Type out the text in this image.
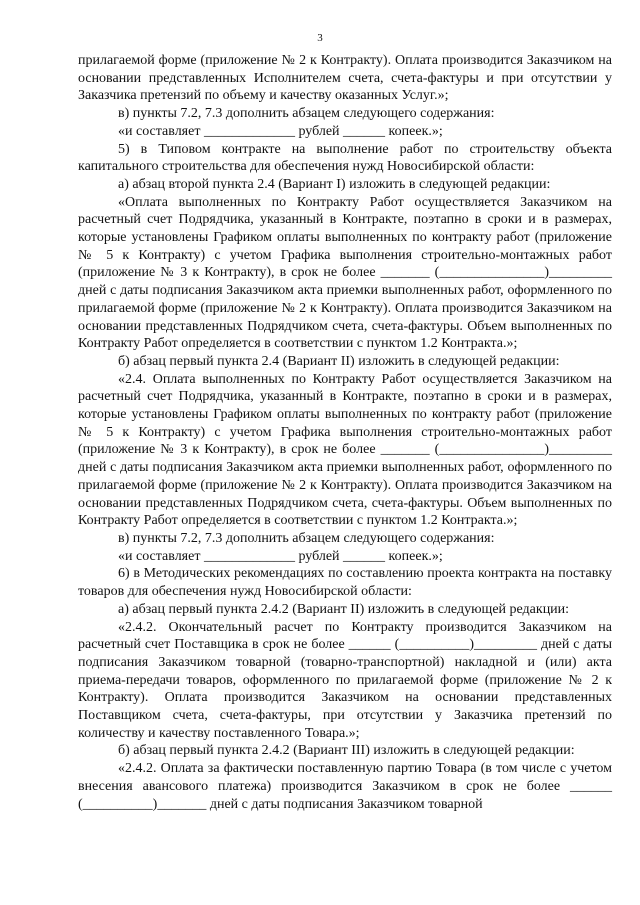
3

прилагаемой форме (приложение № 2 к Контракту). Оплата производится Заказчиком на основании представленных Исполнителем счета, счета-фактуры и при отсутствии у Заказчика претензий по объему и качеству оказанных Услуг.»;

в) пункты 7.2, 7.3 дополнить абзацем следующего содержания:

«и составляет _____________ рублей ______ копеек.»;

5) в Типовом контракте на выполнение работ по строительству объекта капитального строительства для обеспечения нужд Новосибирской области:

а) абзац второй пункта 2.4 (Вариант I) изложить в следующей редакции:

«Оплата выполненных по Контракту Работ осуществляется Заказчиком на расчетный счет Подрядчика, указанный в Контракте, поэтапно в сроки и в размерах, которые установлены Графиком оплаты выполненных по контракту работ (приложение № 5 к Контракту) с учетом Графика выполнения строительно-монтажных работ (приложение № 3 к Контракту), в срок не более _______ (_______________)_________ дней с даты подписания Заказчиком акта приемки выполненных работ, оформленного по прилагаемой форме (приложение № 2 к Контракту). Оплата производится Заказчиком на основании представленных Подрядчиком счета, счета-фактуры. Объем выполненных по Контракту Работ определяется в соответствии с пунктом 1.2 Контракта.»;

б) абзац первый пункта 2.4 (Вариант II) изложить в следующей редакции:

«2.4. Оплата выполненных по Контракту Работ осуществляется Заказчиком на расчетный счет Подрядчика, указанный в Контракте, поэтапно в сроки и в размерах, которые установлены Графиком оплаты выполненных по контракту работ (приложение № 5 к Контракту) с учетом Графика выполнения строительно-монтажных работ (приложение № 3 к Контракту), в срок не более _______ (_______________)_________ дней с даты подписания Заказчиком акта приемки выполненных работ, оформленного по прилагаемой форме (приложение № 2 к Контракту). Оплата производится Заказчиком на основании представленных Подрядчиком счета, счета-фактуры. Объем выполненных по Контракту Работ определяется в соответствии с пунктом 1.2 Контракта.»;

в) пункты 7.2, 7.3 дополнить абзацем следующего содержания:

«и составляет _____________ рублей ______ копеек.»;

6) в Методических рекомендациях по составлению проекта контракта на поставку товаров для обеспечения нужд Новосибирской области:

а) абзац первый пункта 2.4.2 (Вариант II) изложить в следующей редакции:

«2.4.2. Окончательный расчет по Контракту производится Заказчиком на расчетный счет Поставщика в срок не более ______ (__________)_________ дней с даты подписания Заказчиком товарной (товарно-транспортной) накладной и (или) акта приема-передачи товаров, оформленного по прилагаемой форме (приложение № 2 к Контракту). Оплата производится Заказчиком на основании представленных Поставщиком счета, счета-фактуры, при отсутствии у Заказчика претензий по количеству и качеству поставленного Товара.»;

б) абзац первый пункта 2.4.2 (Вариант III) изложить в следующей редакции:

«2.4.2. Оплата за фактически поставленную партию Товара (в том числе с учетом внесения авансового платежа) производится Заказчиком в срок не более ______ (__________)_______ дней с даты подписания Заказчиком товарной
